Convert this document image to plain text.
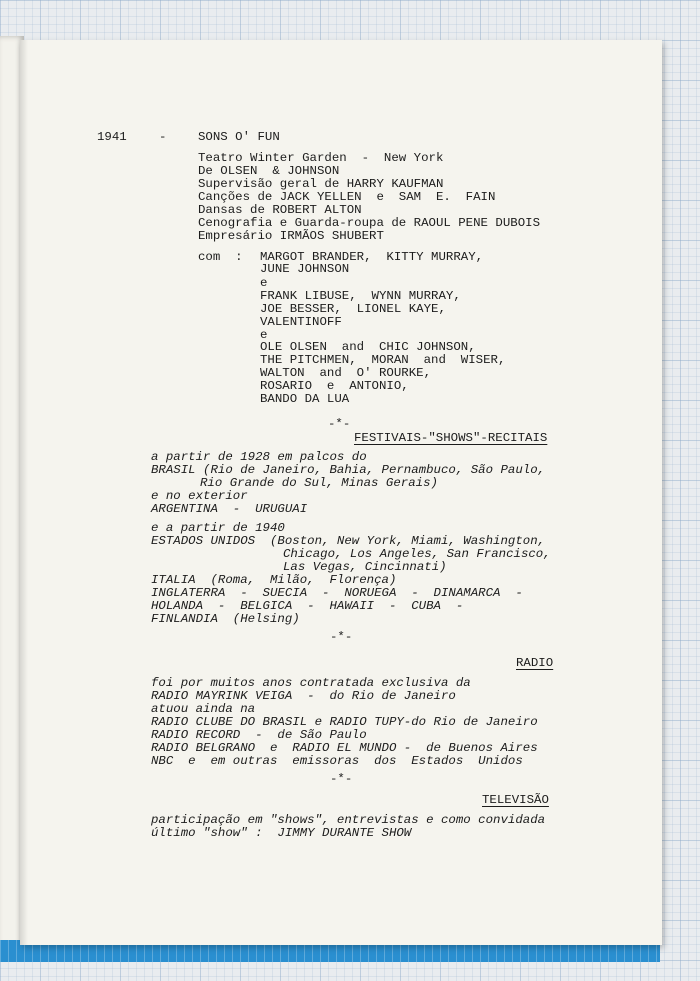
1941	-	SONS O' FUN
Teatro Winter Garden  -  New York
De OLSEN  & JOHNSON
Supervisão geral de HARRY KAUFMAN
Canções de JACK YELLEN  e  SAM  E.  FAIN
Dansas de ROBERT ALTON
Cenografia e Guarda-roupa de RAOUL PENE DUBOIS
Empresário IRMÃOS SHUBERT
com  : MARGOT BRANDER,  KITTY MURRAY,
JUNE JOHNSON
e
FRANK LIBUSE,  WYNN MURRAY,
JOE BESSER,  LIONEL KAYE,
VALENTINOFF
e
OLE OLSEN  and  CHIC JOHNSON,
THE PITCHMEN,  MORAN  and  WISER,
WALTON  and  O' ROURKE,
ROSARIO  e  ANTONIO,
BANDO DA LUA
-*-
FESTIVAIS-"SHOWS"-RECITAIS
a partir de 1928 em palcos do
BRASIL (Rio de Janeiro, Bahia, Pernambuco, São Paulo,
Rio Grande do Sul, Minas Gerais)
e no exterior
ARGENTINA  -  URUGUAI
e a partir de 1940
ESTADOS UNIDOS  (Boston, New York, Miami, Washington,
Chicago, Los Angeles, San Francisco,
Las Vegas, Cincinnati)
ITALIA  (Roma,  Milão,  Florença)
INGLATERRA  -  SUECIA  -  NORUEGA  -  DINAMARCA  -
HOLANDA  -  BELGICA  -  HAWAII  -  CUBA  -
FINLANDIA  (Helsing)
-*-
RADIO
foi por muitos anos contratada exclusiva da
RADIO MAYRINK VEIGA  -  do Rio de Janeiro
atuou ainda na
RADIO CLUBE DO BRASIL e RADIO TUPY-do Rio de Janeiro
RADIO RECORD  -  de São Paulo
RADIO BELGRANO  e  RADIO EL MUNDO -  de Buenos Aires
NBC  e  em outras  emissoras  dos  Estados  Unidos
-*-
TELEVISÃO
participação em "shows", entrevistas e como convidada
último "show" :  JIMMY DURANTE SHOW
